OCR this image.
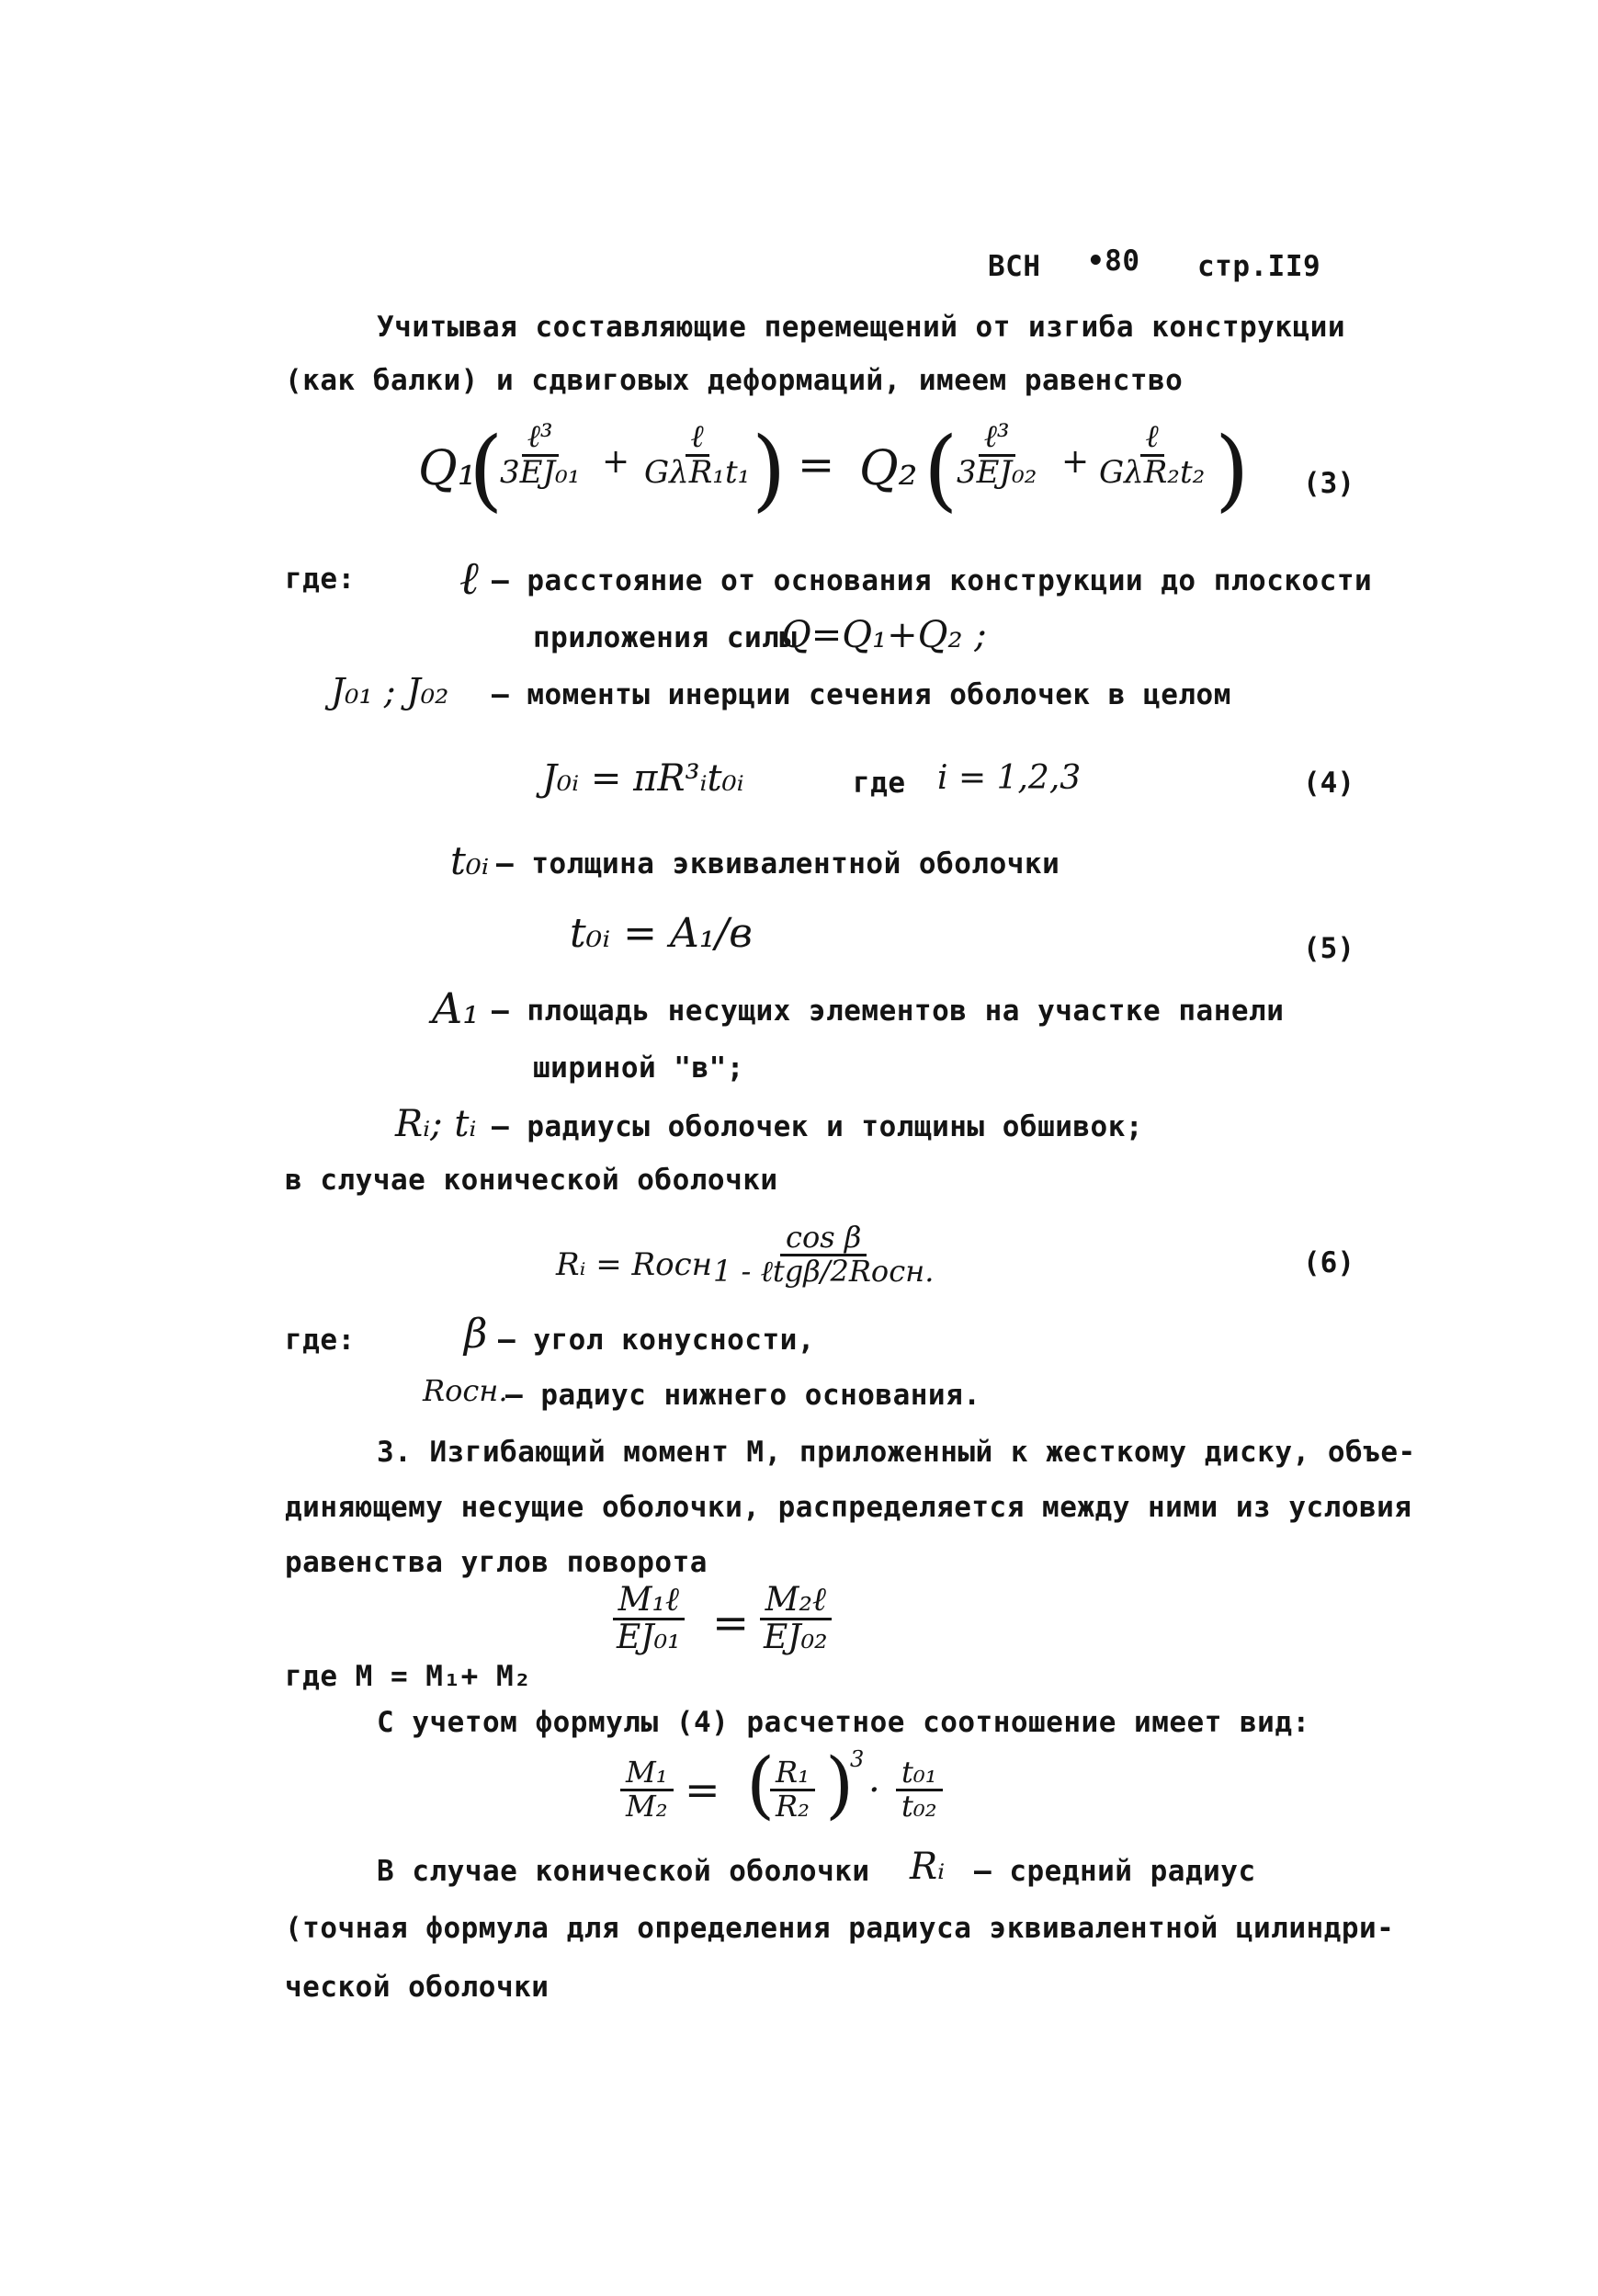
ВСН •80 стр.II9
Учитывая составляющие перемещений от изгиба конструкции
(как балки) и сдвиговых деформаций, имеем равенство
Q₁
( ℓ³
3EJ₀₁ +
ℓ
GλR₁t₁ ) = Q₂ ( ℓ³
3EJ₀₂ +
ℓ
GλR₂t₂ ) (3)
где: ℓ – расстояние от основания конструкции до плоскости
приложения силы
Q=Q₁+Q₂ ;
J₀₁ ; J₀₂ – моменты инерции сечения оболочек в целом
J₀ᵢ = πR³ᵢt₀ᵢ	где i = 1,2,3	(4)
t₀ᵢ – толщина эквивалентной оболочки
t₀ᵢ = A₁/в	(5)
A₁ – площадь несущих элементов на участке панели
шириной "в";
Rᵢ; tᵢ – радиусы оболочек и толщины обшивок;
в случае конической оболочки
Rᵢ = Rосн
cos β
1 - ℓtgβ/2Rосн.	(6)
где:	β – угол конусности,
Rосн.
– радиус нижнего основания.
3. Изгибающий момент М, приложенный к жесткому диску, объе-
диняющему несущие оболочки, распределяется между ними из условия
равенства углов поворота
M₁ℓ
EJ₀₁ = M₂ℓ
EJ₀₂
где M = M₁+ M₂
С учетом формулы (4) расчетное соотношение имеет вид:
$\frac{\text{M₁}}{\text{M₂}}$ = (
$\frac{\text{R₁}}{\text{R₂}}$ )
3
· $\frac{\text{t₀₁}}{\text{t₀₂}}$
В случае конической оболочки Rᵢ – средний радиус
(точная формула для определения радиуса эквивалентной цилиндри-
ческой оболочки
